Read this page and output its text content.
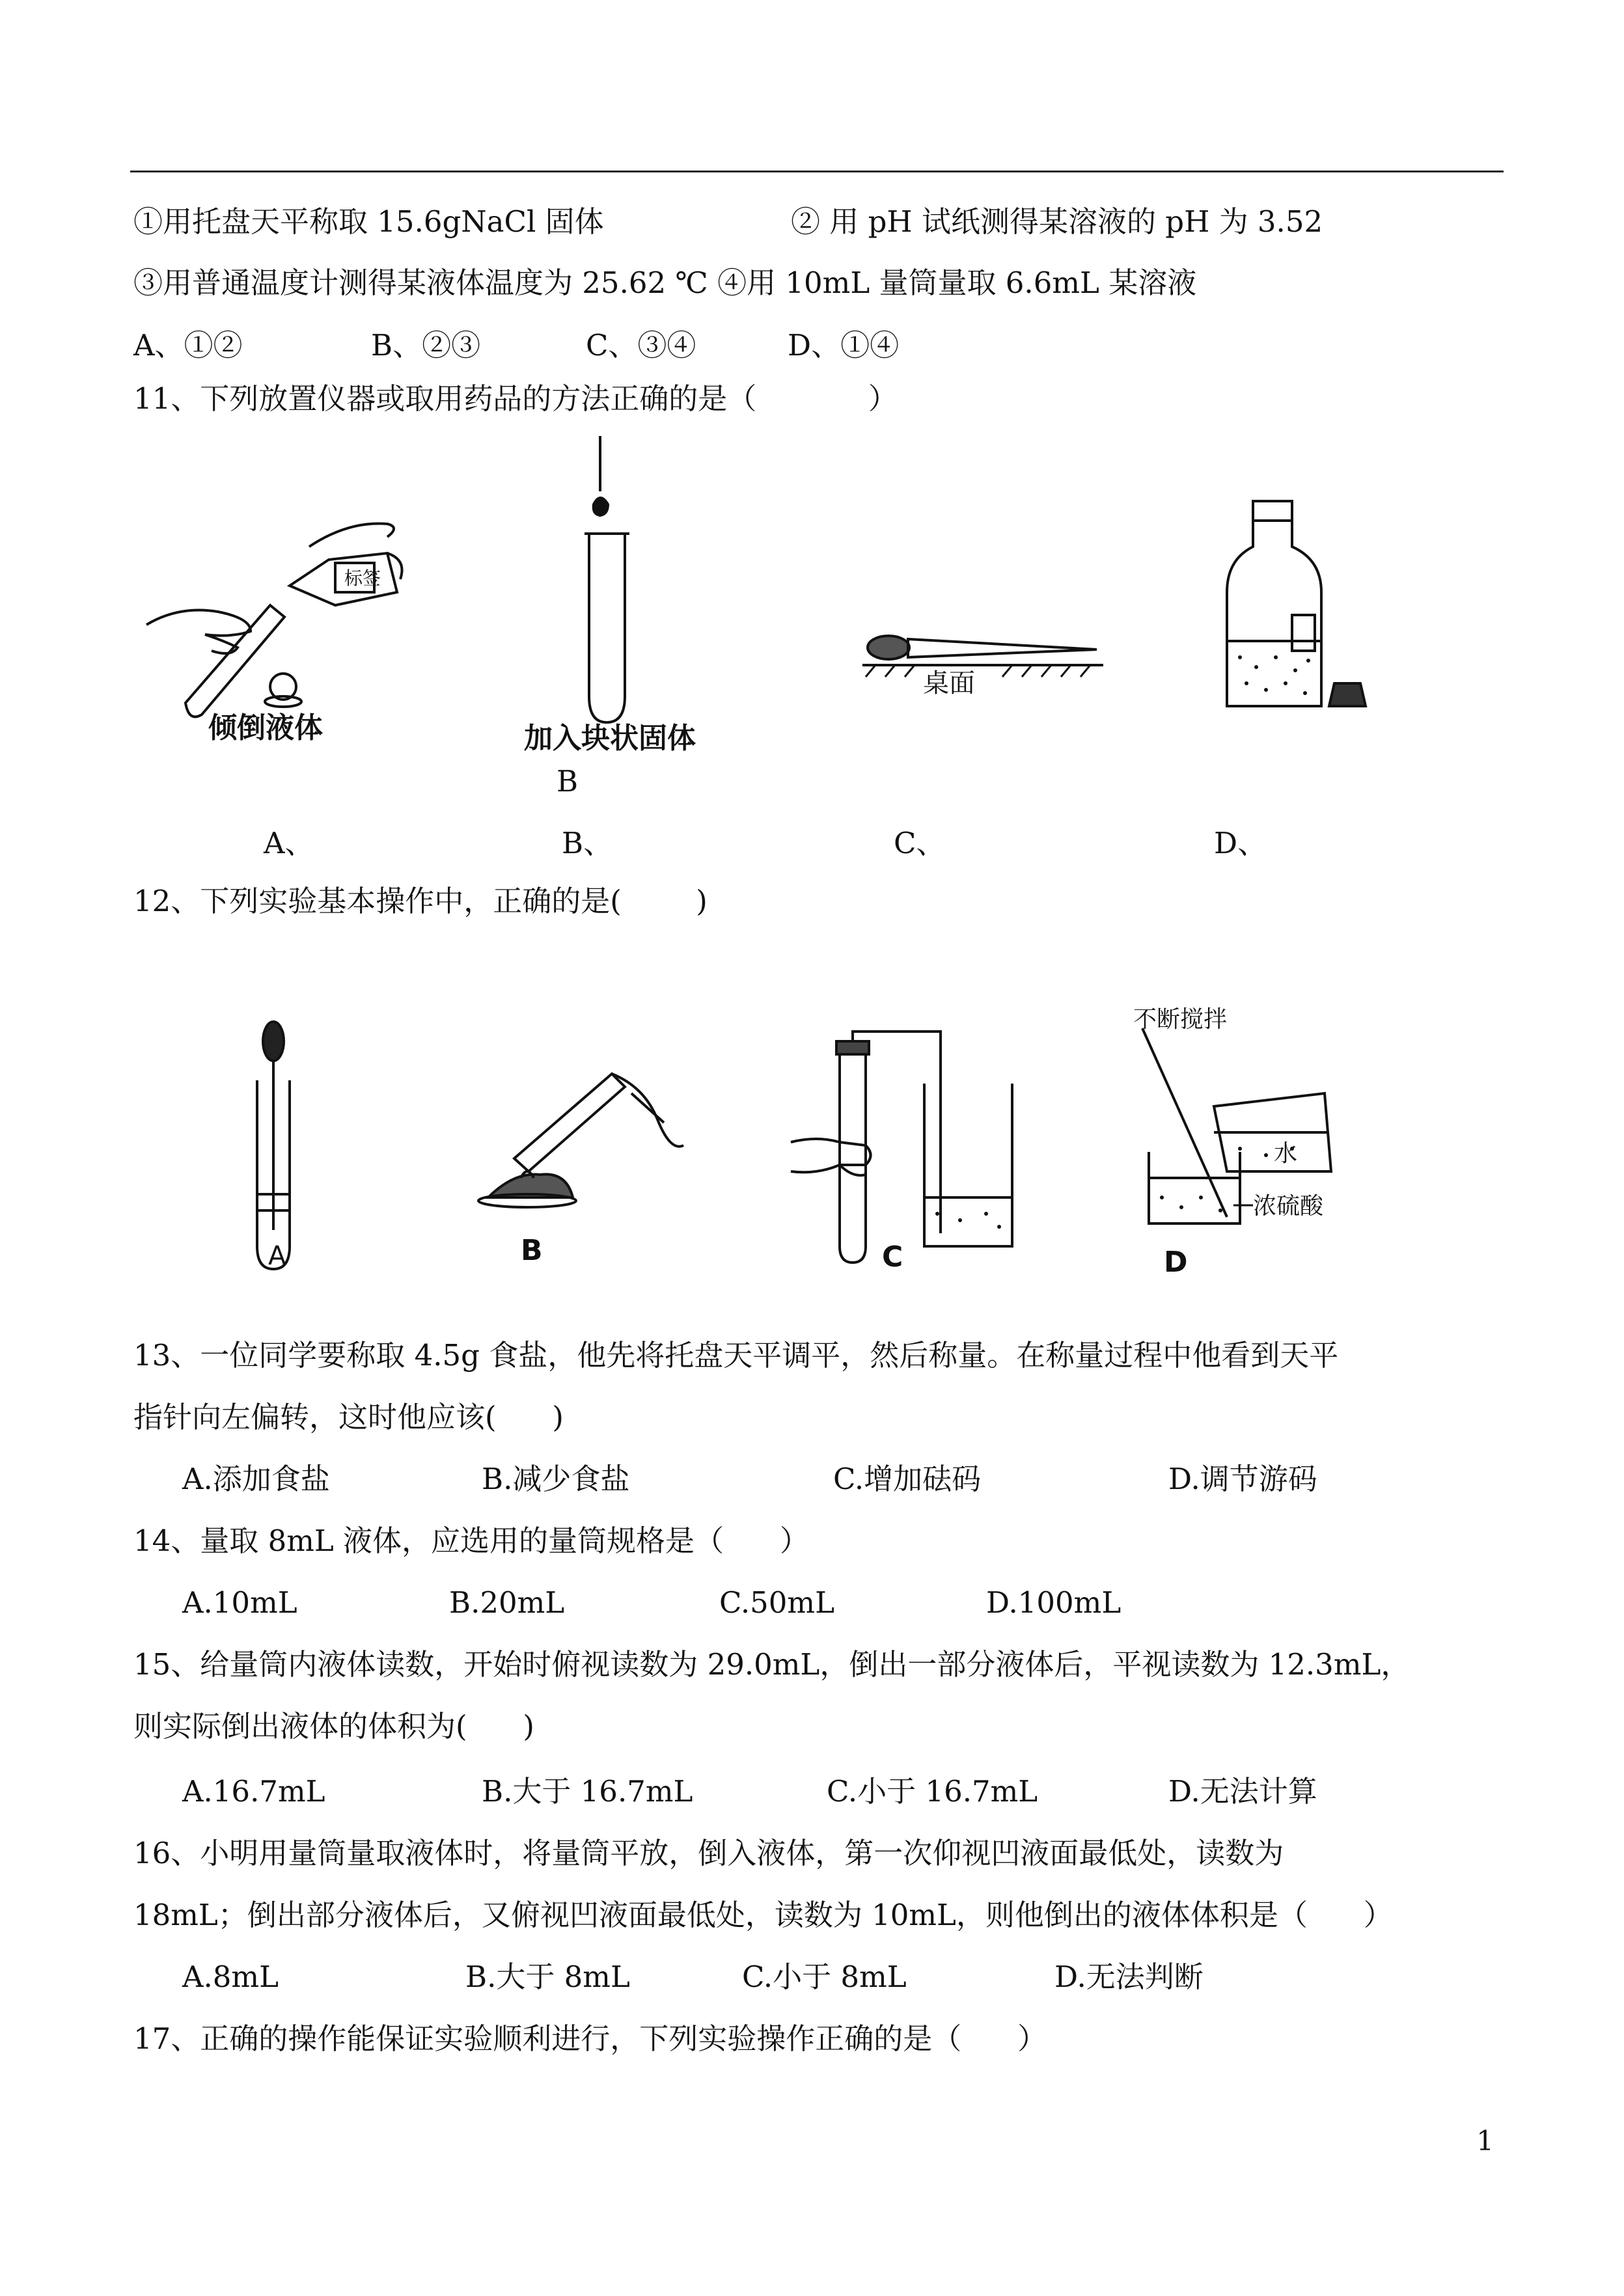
①用托盘天平称取 15.6gNaCl 固体	② 用 pH 试纸测得某溶液的 pH 为 3.52
③用普通温度计测得某液体温度为 25.62 ℃ ④用 10mL 量筒量取 6.6mL 某溶液
A、①②	B、②③	C、③④	D、①④
11、下列放置仪器或取用药品的方法正确的是（            ）
标签
倾倒液体	加入块状固体
B
桌面
A、	B、	C、	D、
12、下列实验基本操作中，正确的是(        )
A	B	C
不断搅拌
水
浓硫酸
D
13、一位同学要称取 4.5g 食盐，他先将托盘天平调平，然后称量。在称量过程中他看到天平
指针向左偏转，这时他应该(      )
A.添加食盐	B.减少食盐	C.增加砝码	D.调节游码
14、量取 8mL 液体，应选用的量筒规格是（      ）
A.10mL	B.20mL	C.50mL	D.100mL
15、给量筒内液体读数，开始时俯视读数为 29.0mL，倒出一部分液体后，平视读数为 12.3mL，
则实际倒出液体的体积为(      )
A.16.7mL	B.大于 16.7mL	C.小于 16.7mL	D.无法计算
16、小明用量筒量取液体时，将量筒平放，倒入液体，第一次仰视凹液面最低处，读数为
18mL；倒出部分液体后，又俯视凹液面最低处，读数为 10mL，则他倒出的液体体积是（      ）
A.8mL	B.大于 8mL	C.小于 8mL	D.无法判断
17、正确的操作能保证实验顺利进行，下列实验操作正确的是（      ）
1
